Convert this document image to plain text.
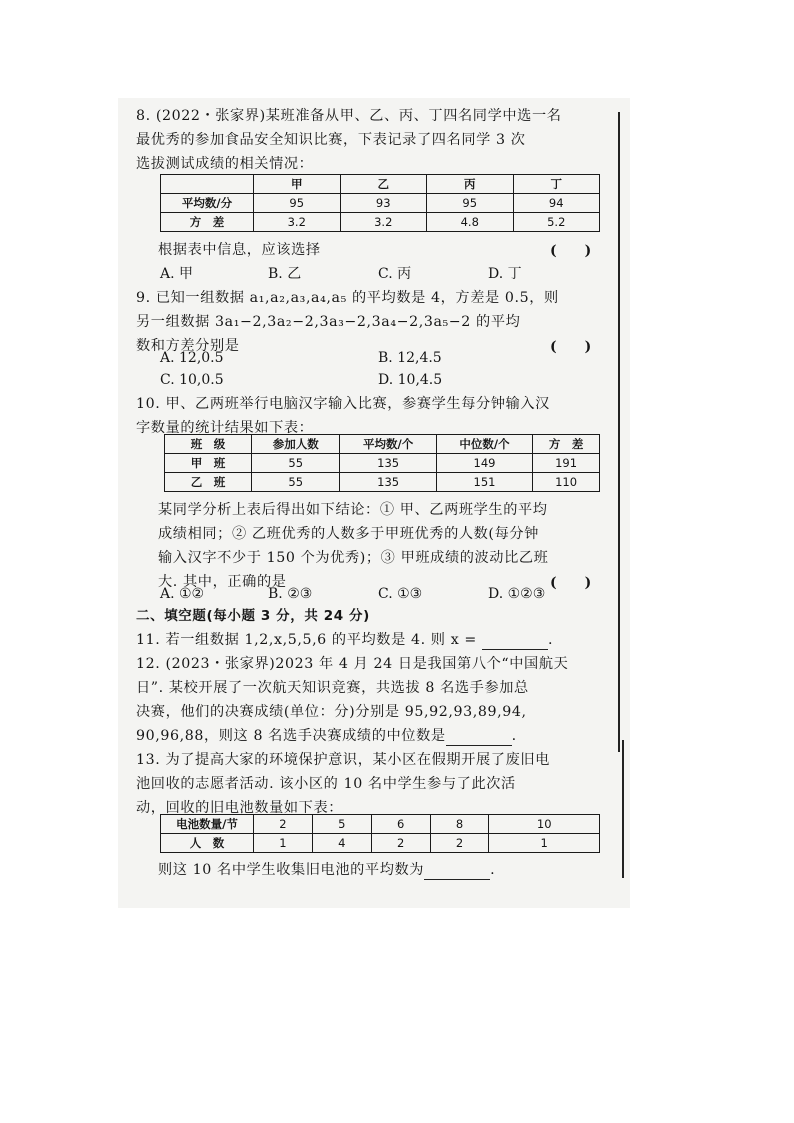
8. (2022・张家界)某班准备从甲、乙、丙、丁四名同学中选一名
最优秀的参加食品安全知识比赛，下表记录了四名同学 3 次
选拔测试成绩的相关情况：
	甲	乙	丙	丁
平均数/分	95	93	95	94
方　差	3.2	3.2	4.8	5.2
根据表中信息，应该选择	(　　)
A. 甲	B. 乙	C. 丙	D. 丁
9. 已知一组数据 a₁,a₂,a₃,a₄,a₅ 的平均数是 4，方差是 0.5，则
另一组数据 3a₁−2,3a₂−2,3a₃−2,3a₄−2,3a₅−2 的平均
数和方差分别是	(　　)
A. 12,0.5	B. 12,4.5
C. 10,0.5	D. 10,4.5
10. 甲、乙两班举行电脑汉字输入比赛，参赛学生每分钟输入汉
字数量的统计结果如下表：
班　级	参加人数	平均数/个	中位数/个	方　差
甲　班	55	135	149	191
乙　班	55	135	151	110
某同学分析上表后得出如下结论：① 甲、乙两班学生的平均
成绩相同；② 乙班优秀的人数多于甲班优秀的人数(每分钟
输入汉字不少于 150 个为优秀)；③ 甲班成绩的波动比乙班
大. 其中，正确的是	(　　)
A. ①②	B. ②③	C. ①③	D. ①②③
二、填空题(每小题 3 分，共 24 分)
11. 若一组数据 1,2,x,5,5,6 的平均数是 4. 则 x =	.
12. (2023・张家界)2023 年 4 月 24 日是我国第八个“中国航天
日”. 某校开展了一次航天知识竞赛，共选拔 8 名选手参加总
决赛，他们的决赛成绩(单位：分)分别是 95,92,93,89,94,
90,96,88，则这 8 名选手决赛成绩的中位数是	.
13. 为了提高大家的环境保护意识，某小区在假期开展了废旧电
池回收的志愿者活动. 该小区的 10 名中学生参与了此次活
动，回收的旧电池数量如下表：
电池数量/节	2	5	6	8	10
人　数	1	4	2	2	1
则这 10 名中学生收集旧电池的平均数为	.
